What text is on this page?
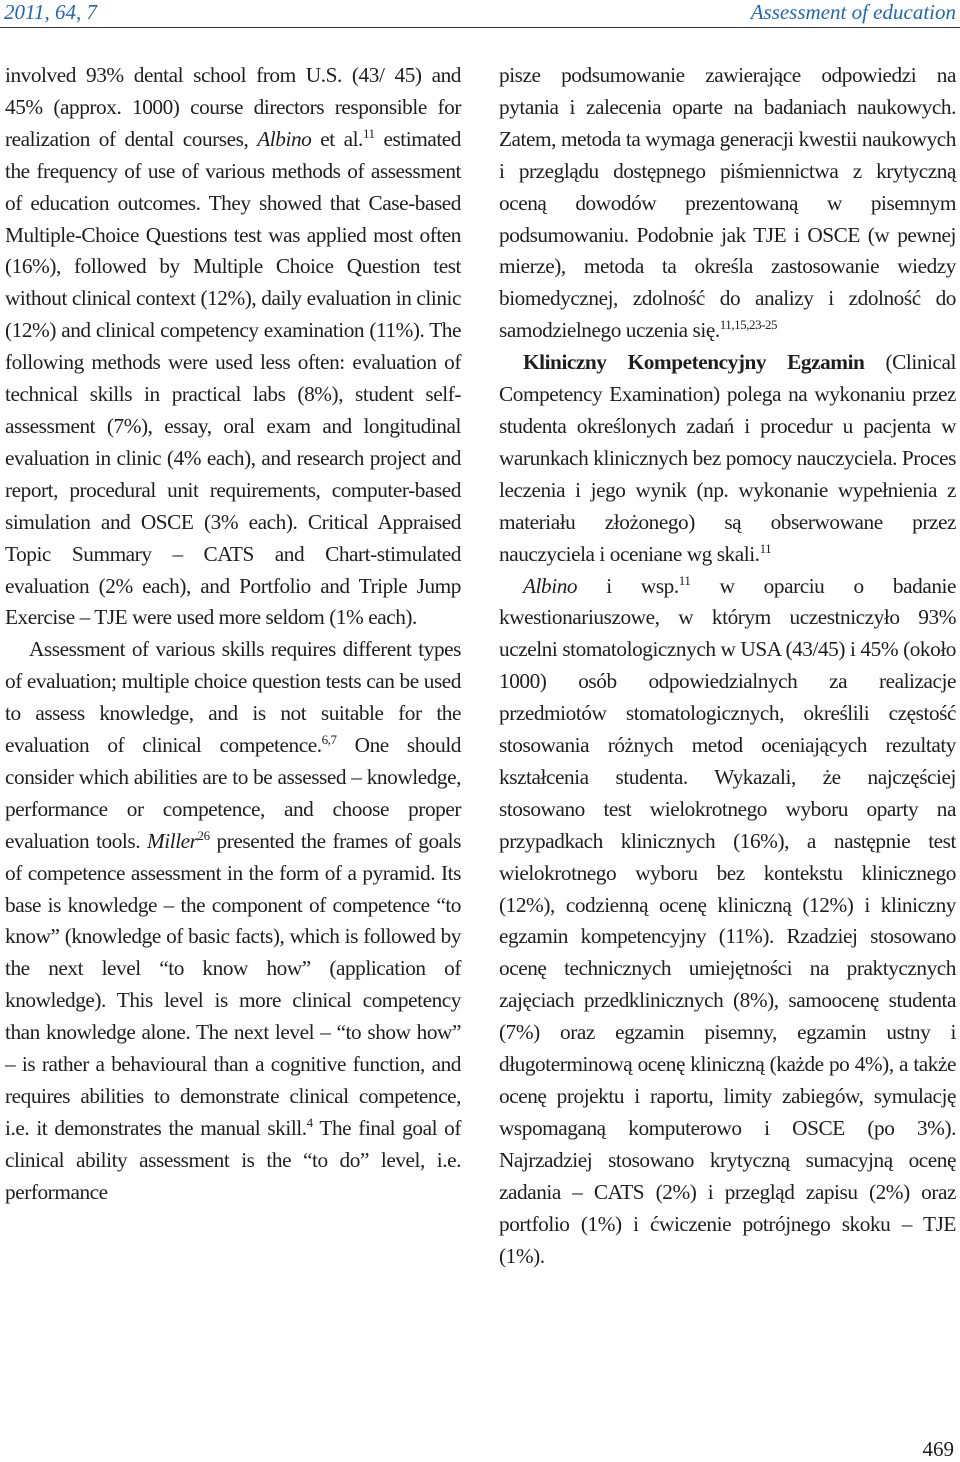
2011, 64, 7	Assessment of education

involved 93% dental school from U.S. (43/ 45) and 45% (approx. 1000) course directors responsible for realization of dental courses, Albino et al.$^{11}$ estimated the frequency of use of various methods of assessment of education outcomes. They showed that Case-based Multiple-Choice Questions test was applied most often (16%), followed by Multiple Choice Question test without clinical context (12%), daily evaluation in clinic (12%) and clinical competency examination (11%). The following methods were used less often: evaluation of technical skills in practical labs (8%), student self-assessment (7%), essay, oral exam and longitudinal evaluation in clinic (4% each), and research project and report, procedural unit requirements, computer-based simulation and OSCE (3% each). Critical Appraised Topic Summary – CATS and Chart-stimulated evaluation (2% each), and Portfolio and Triple Jump Exercise – TJE were used more seldom (1% each).

Assessment of various skills requires different types of evaluation; multiple choice question tests can be used to assess knowledge, and is not suitable for the evaluation of clinical competence.$^{6,7}$ One should consider which abilities are to be assessed – knowledge, performance or competence, and choose proper evaluation tools. Miller$^{26}$ presented the frames of goals of competence assessment in the form of a pyramid. Its base is knowledge – the component of competence “to know” (knowledge of basic facts), which is followed by the next level “to know how” (application of knowledge). This level is more clinical competency than knowledge alone. The next level – “to show how” – is rather a behavioural than a cognitive function, and requires abilities to demonstrate clinical competence, i.e. it demonstrates the manual skill.$^4$ The final goal of clinical ability assessment is the “to do” level, i.e. performance

pisze podsumowanie zawierające odpowiedzi na pytania i zalecenia oparte na badaniach naukowych. Zatem, metoda ta wymaga generacji kwestii naukowych i przeglądu dostępnego piśmiennictwa z krytyczną oceną dowodów prezentowaną w pisemnym podsumowaniu. Podobnie jak TJE i OSCE (w pewnej mierze), metoda ta określa zastosowanie wiedzy biomedycznej, zdolność do analizy i zdolność do samodzielnego uczenia się.$^{11,15,23-25}$

Kliniczny Kompetencyjny Egzamin (Clinical Competency Examination) polega na wykonaniu przez studenta określonych zadań i procedur u pacjenta w warunkach klinicznych bez pomocy nauczyciela. Proces leczenia i jego wynik (np. wykonanie wypełnienia z materiału złożonego) są obserwowane przez nauczyciela i oceniane wg skali.$^{11}$

Albino i wsp.$^{11}$ w oparciu o badanie kwestionariuszowe, w którym uczestniczyło 93% uczelni stomatologicznych w USA (43/45) i 45% (około 1000) osób odpowiedzialnych za realizacje przedmiotów stomatologicznych, określili częstość stosowania różnych metod oceniających rezultaty kształcenia studenta. Wykazali, że najczęściej stosowano test wielokrotnego wyboru oparty na przypadkach klinicznych (16%), a następnie test wielokrotnego wyboru bez kontekstu klinicznego (12%), codzienną ocenę kliniczną (12%) i kliniczny egzamin kompetencyjny (11%). Rzadziej stosowano ocenę technicznych umiejętności na praktycznych zajęciach przedklinicznych (8%), samoocenę studenta (7%) oraz egzamin pisemny, egzamin ustny i długoterminową ocenę kliniczną (każde po 4%), a także ocenę projektu i raportu, limity zabiegów, symulację wspomaganą komputerowo i OSCE (po 3%). Najrzadziej stosowano krytyczną sumacyjną ocenę zadania – CATS (2%) i przegląd zapisu (2%) oraz portfolio (1%) i ćwiczenie potrójnego skoku – TJE (1%).

469
